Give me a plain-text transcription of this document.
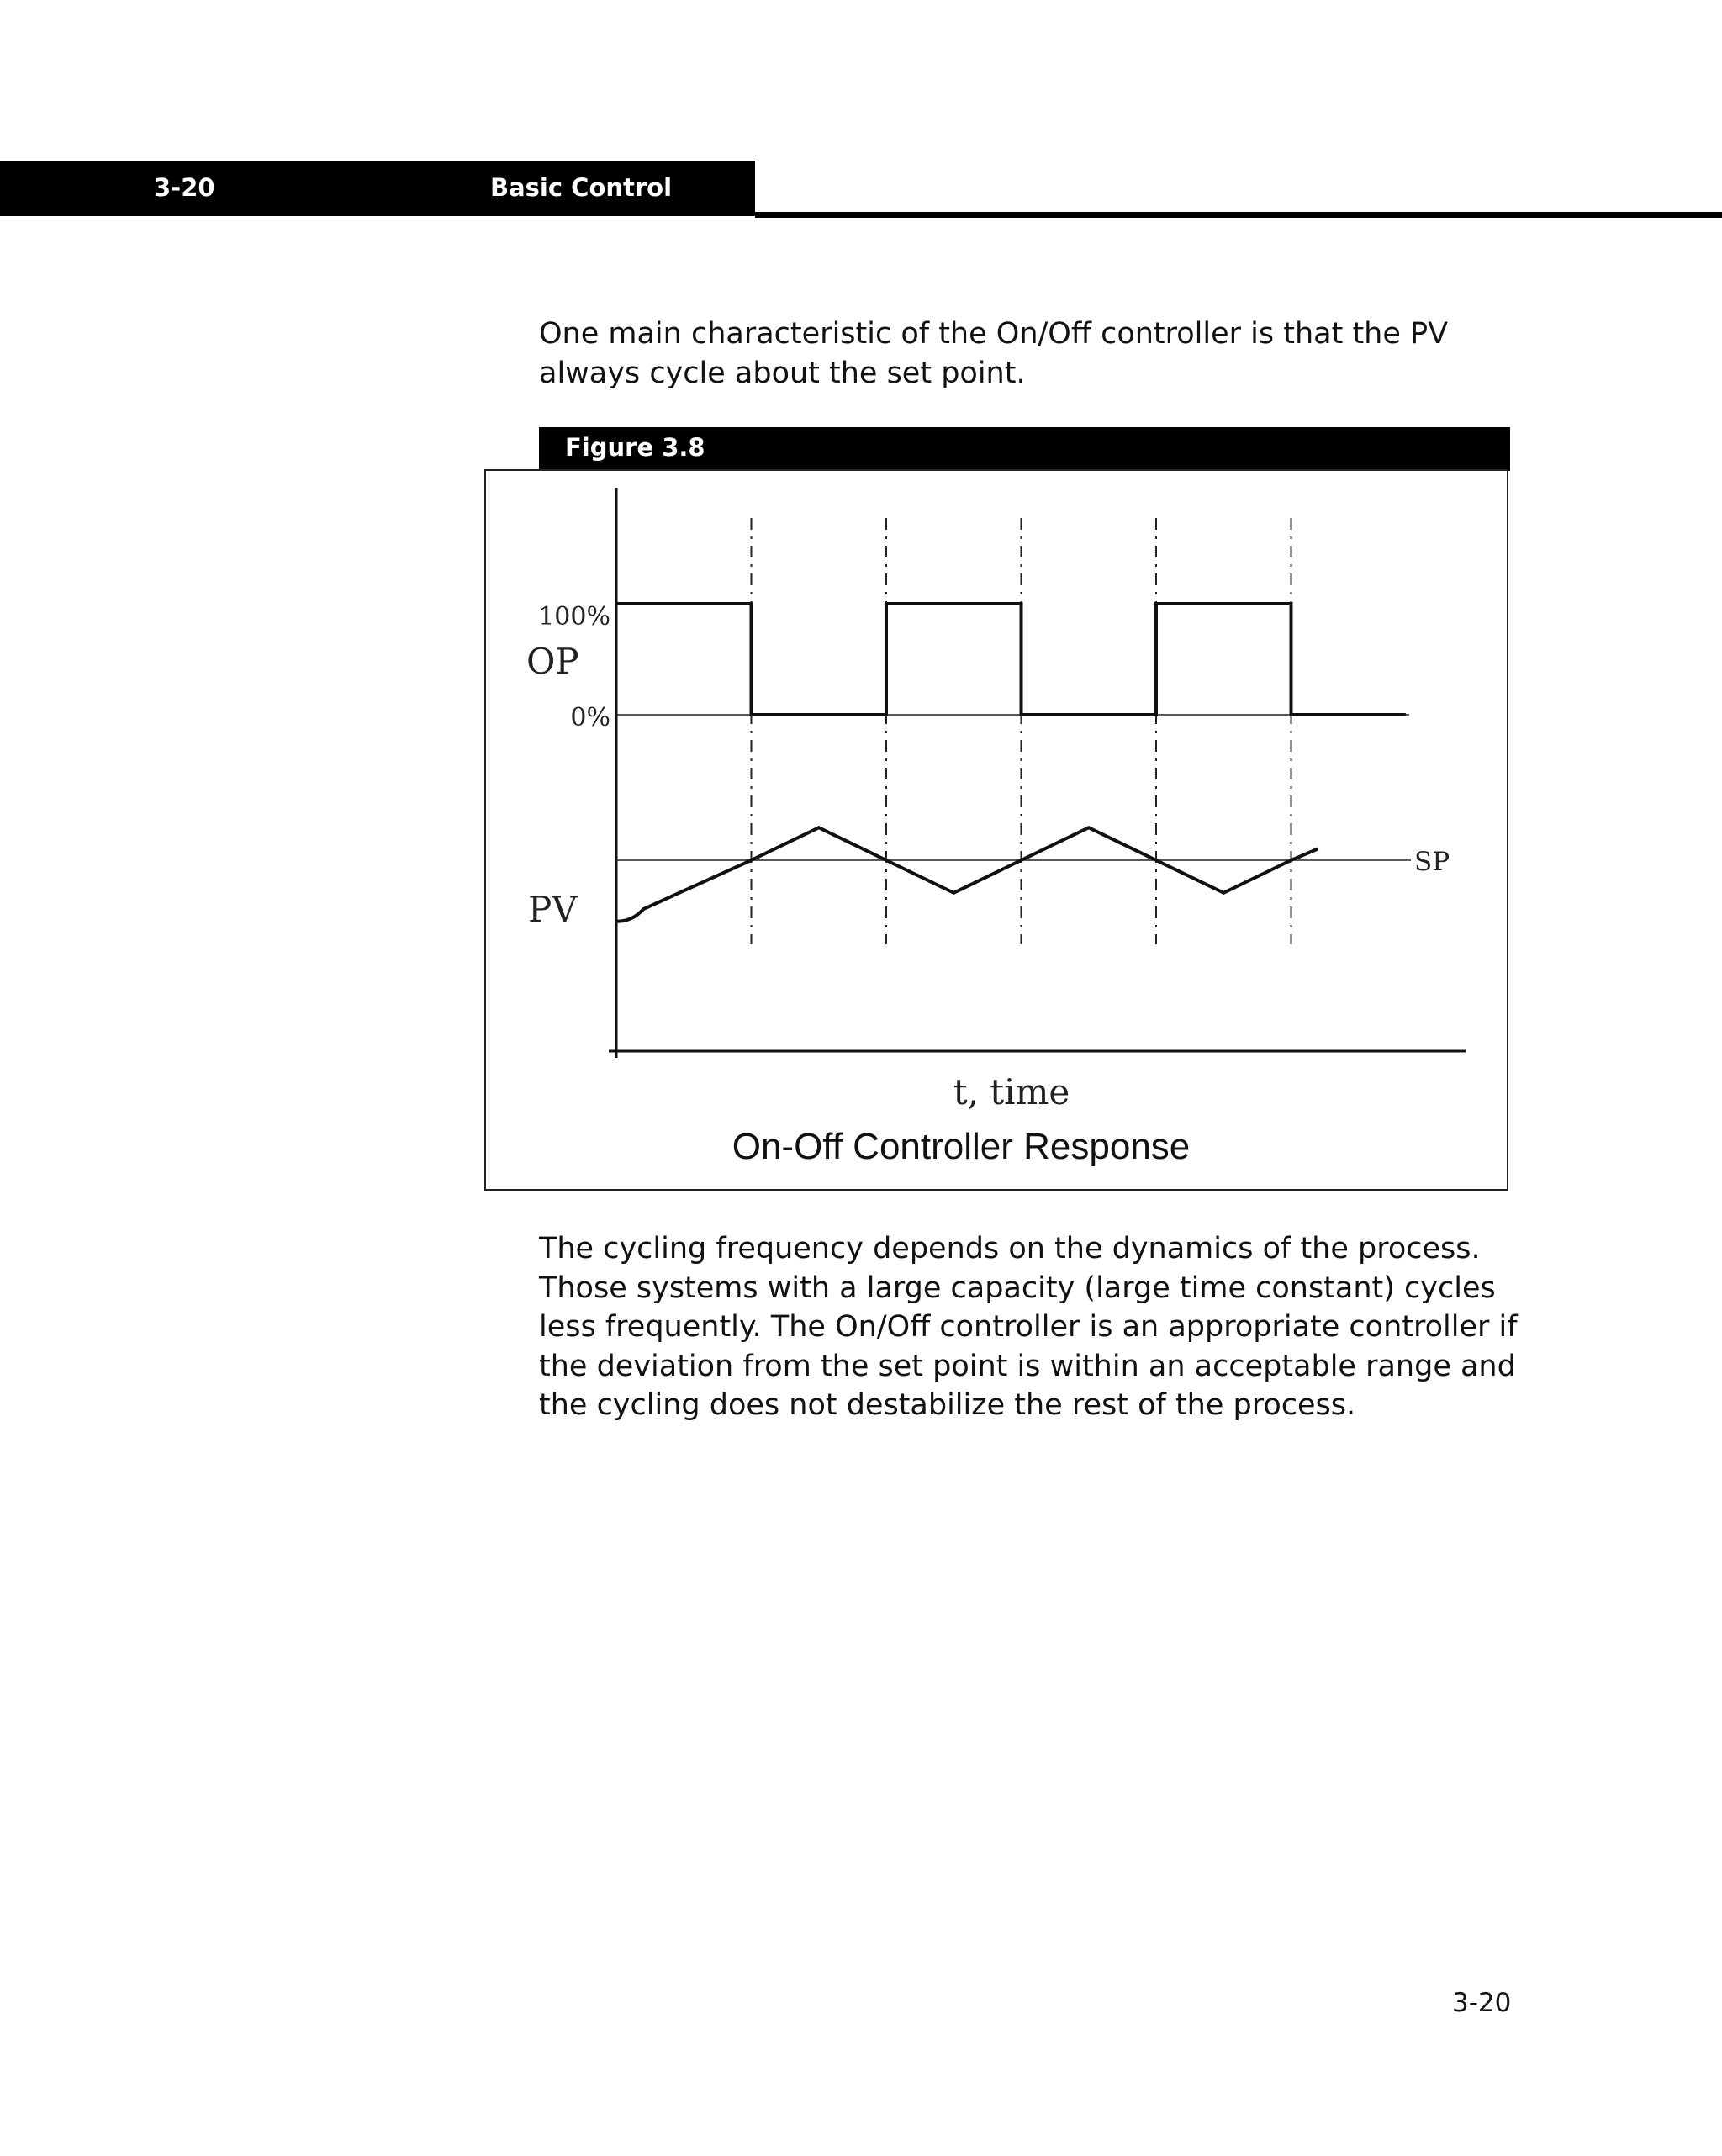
3-20	Basic Control

One main characteristic of the On/Off controller is that the PV always cycle about the set point.

Figure 3.8
100%
OP
0%
PV
SP
t, time
On-Off Controller Response

The cycling frequency depends on the dynamics of the process. Those systems with a large capacity (large time constant) cycles less frequently. The On/Off controller is an appropriate controller if the deviation from the set point is within an acceptable range and the cycling does not destabilize the rest of the process.

3-20
